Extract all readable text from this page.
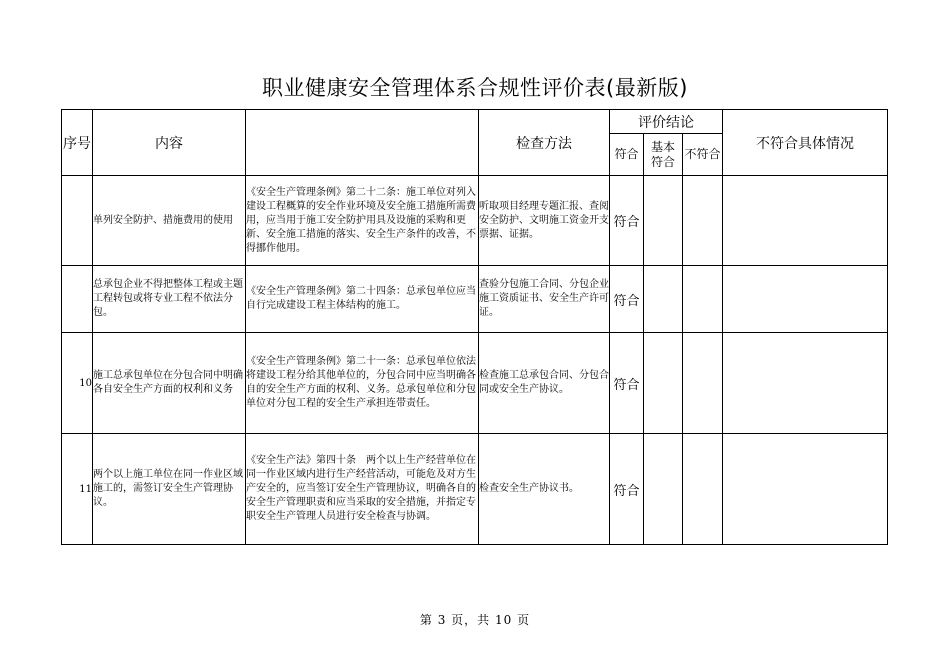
职业健康安全管理体系合规性评价表(最新版)
序号	内容		检查方法	评价结论			不符合具体情况
				符合	基本符合	不符合	
	单列安全防护、措施费用的使用	《安全生产管理条例》第二十二条：施工单位对列入建设工程概算的安全作业环境及安全施工措施所需费用，应当用于施工安全防护用具及设施的采购和更新、安全施工措施的落实、安全生产条件的改善，不得挪作他用。	听取项目经理专题汇报、查阅安全防护、文明施工资金开支票据、证据。	符合			
	总承包企业不得把整体工程或主题工程转包或将专业工程不依法分包。	《安全生产管理条例》第二十四条：总承包单位应当自行完成建设工程主体结构的施工。	查验分包施工合同、分包企业施工资质证书、安全生产许可证。	符合			
10	施工总承包单位在分包合同中明确各自安全生产方面的权利和义务	《安全生产管理条例》第二十一条：总承包单位依法将建设工程分给其他单位的，分包合同中应当明确各自的安全生产方面的权利、义务。总承包单位和分包单位对分包工程的安全生产承担连带责任。	检查施工总承包合同、分包合同或安全生产协议。	符合			
11	两个以上施工单位在同一作业区域施工的，需签订安全生产管理协议。	《安全生产法》第四十条　两个以上生产经营单位在同一作业区域内进行生产经营活动，可能危及对方生产安全的，应当签订安全生产管理协议，明确各自的安全生产管理职责和应当采取的安全措施，并指定专职安全生产管理人员进行安全检查与协调。	检查安全生产协议书。	符合			
第 3 页，共 10 页
